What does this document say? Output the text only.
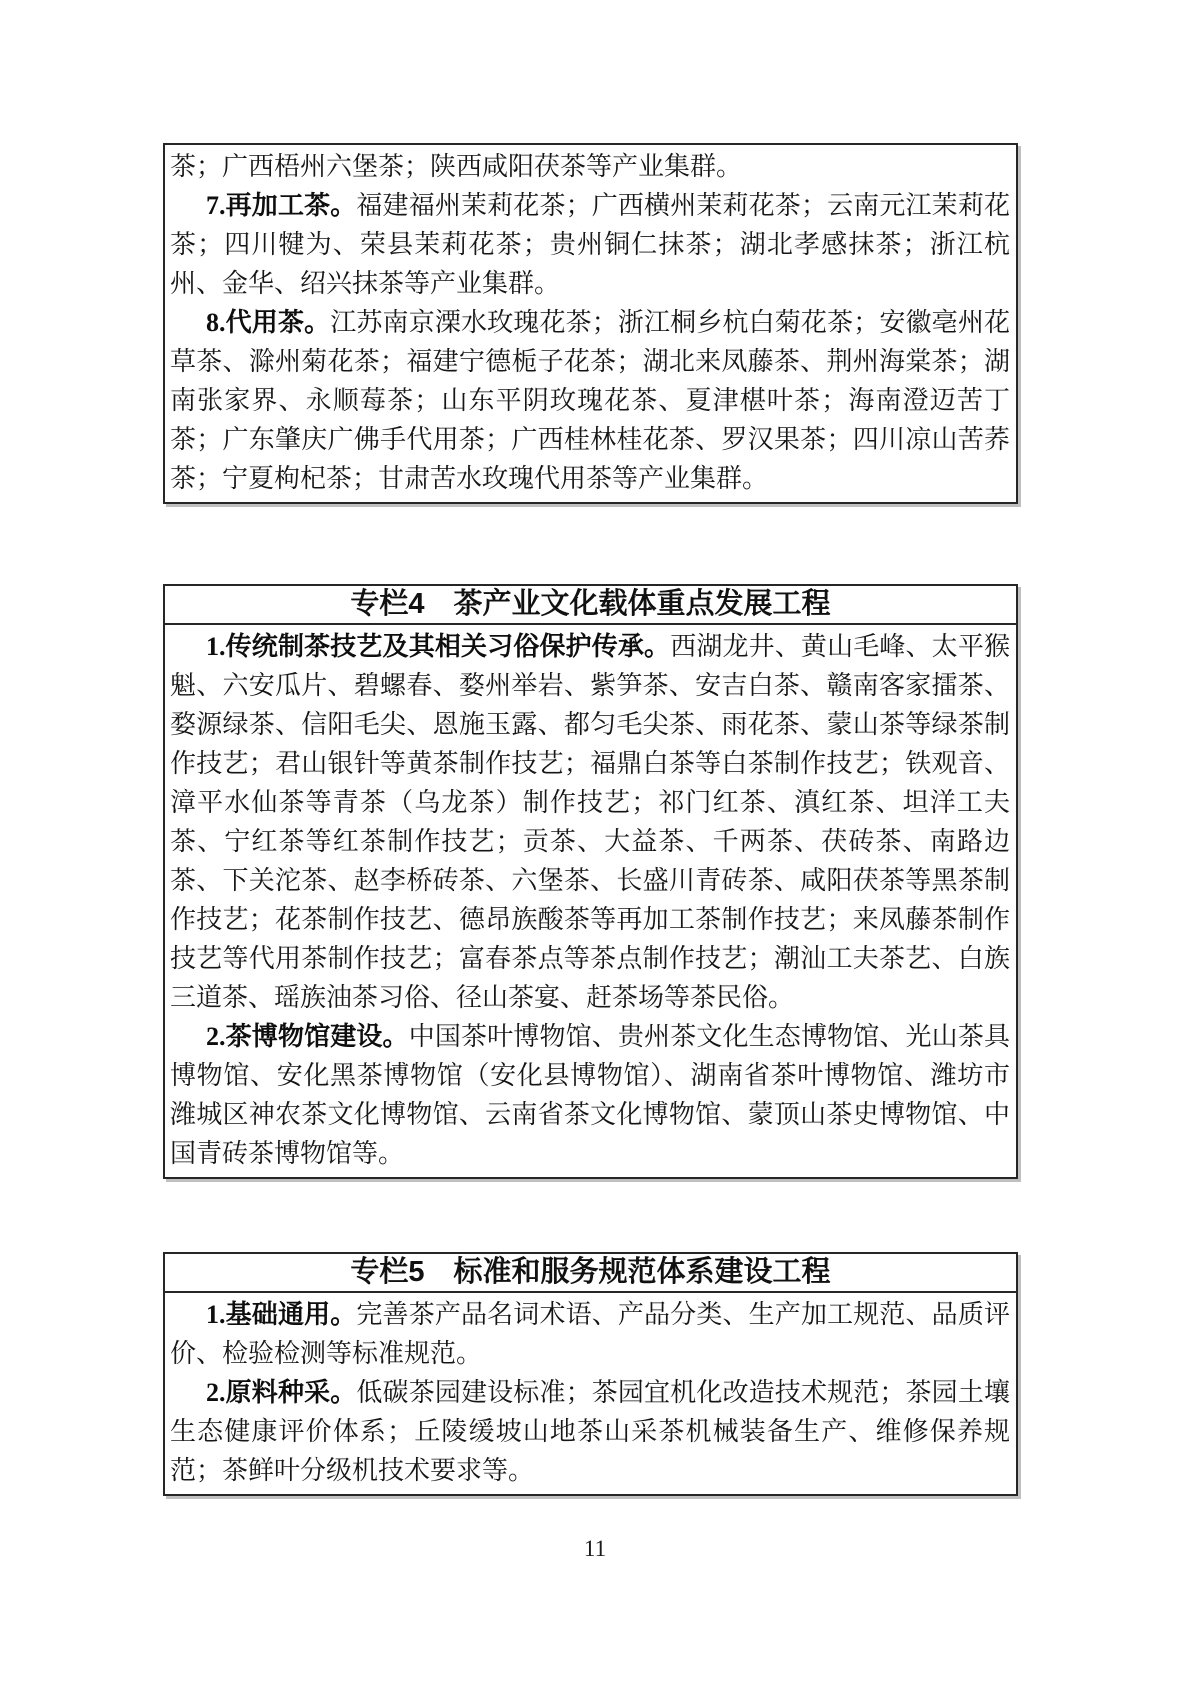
茶；广西梧州六堡茶；陕西咸阳茯茶等产业集群。

7.再加工茶。福建福州茉莉花茶；广西横州茉莉花茶；云南元江茉莉花茶；四川犍为、荣县茉莉花茶；贵州铜仁抹茶；湖北孝感抹茶；浙江杭州、金华、绍兴抹茶等产业集群。

8.代用茶。江苏南京溧水玫瑰花茶；浙江桐乡杭白菊花茶；安徽亳州花草茶、滁州菊花茶；福建宁德栀子花茶；湖北来凤藤茶、荆州海棠茶；湖南张家界、永顺莓茶；山东平阴玫瑰花茶、夏津椹叶茶；海南澄迈苦丁茶；广东肇庆广佛手代用茶；广西桂林桂花茶、罗汉果茶；四川凉山苦荞茶；宁夏枸杞茶；甘肃苦水玫瑰代用茶等产业集群。

专栏4　茶产业文化载体重点发展工程

1.传统制茶技艺及其相关习俗保护传承。西湖龙井、黄山毛峰、太平猴魁、六安瓜片、碧螺春、婺州举岩、紫笋茶、安吉白茶、赣南客家擂茶、婺源绿茶、信阳毛尖、恩施玉露、都匀毛尖茶、雨花茶、蒙山茶等绿茶制作技艺；君山银针等黄茶制作技艺；福鼎白茶等白茶制作技艺；铁观音、漳平水仙茶等青茶（乌龙茶）制作技艺；祁门红茶、滇红茶、坦洋工夫茶、宁红茶等红茶制作技艺；贡茶、大益茶、千两茶、茯砖茶、南路边茶、下关沱茶、赵李桥砖茶、六堡茶、长盛川青砖茶、咸阳茯茶等黑茶制作技艺；花茶制作技艺、德昂族酸茶等再加工茶制作技艺；来凤藤茶制作技艺等代用茶制作技艺；富春茶点等茶点制作技艺；潮汕工夫茶艺、白族三道茶、瑶族油茶习俗、径山茶宴、赶茶场等茶民俗。

2.茶博物馆建设。中国茶叶博物馆、贵州茶文化生态博物馆、光山茶具博物馆、安化黑茶博物馆（安化县博物馆）、湖南省茶叶博物馆、潍坊市潍城区神农茶文化博物馆、云南省茶文化博物馆、蒙顶山茶史博物馆、中国青砖茶博物馆等。

专栏5　标准和服务规范体系建设工程

1.基础通用。完善茶产品名词术语、产品分类、生产加工规范、品质评价、检验检测等标准规范。

2.原料种采。低碳茶园建设标准；茶园宜机化改造技术规范；茶园土壤生态健康评价体系；丘陵缓坡山地茶山采茶机械装备生产、维修保养规范；茶鲜叶分级机技术要求等。

11
